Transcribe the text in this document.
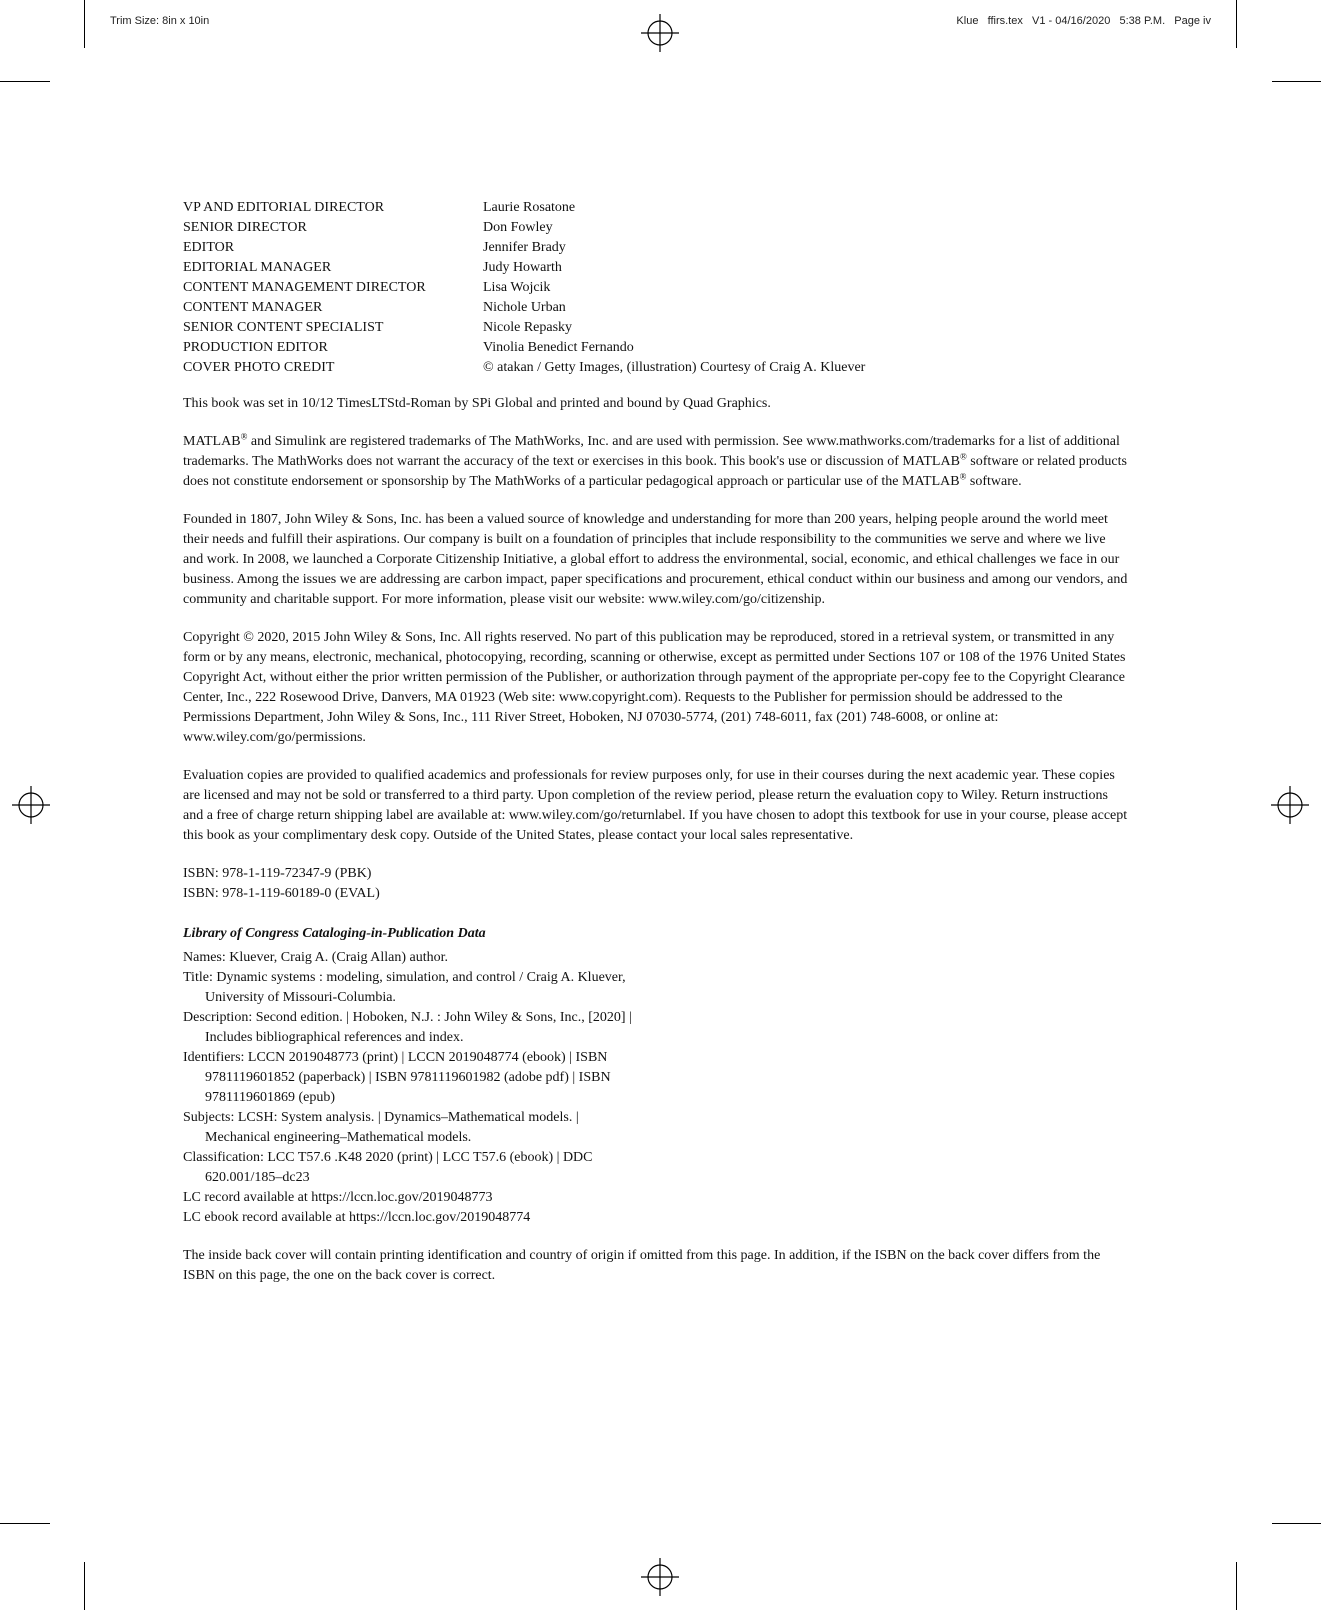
Trim Size: 8in x 10in	Klue   ffirs.tex   V1 - 04/16/2020   5:38 P.M.   Page iv
VP AND EDITORIAL DIRECTOR	Laurie Rosatone
SENIOR DIRECTOR	Don Fowley
EDITOR	Jennifer Brady
EDITORIAL MANAGER	Judy Howarth
CONTENT MANAGEMENT DIRECTOR	Lisa Wojcik
CONTENT MANAGER	Nichole Urban
SENIOR CONTENT SPECIALIST	Nicole Repasky
PRODUCTION EDITOR	Vinolia Benedict Fernando
COVER PHOTO CREDIT	© atakan / Getty Images, (illustration) Courtesy of Craig A. Kluever

This book was set in 10/12 TimesLTStd-Roman by SPi Global and printed and bound by Quad Graphics.

MATLAB® and Simulink are registered trademarks of The MathWorks, Inc. and are used with permission. See www.mathworks.com/trademarks for a list of additional trademarks. The MathWorks does not warrant the accuracy of the text or exercises in this book. This book's use or discussion of MATLAB® software or related products does not constitute endorsement or sponsorship by The MathWorks of a particular pedagogical approach or particular use of the MATLAB® software.

Founded in 1807, John Wiley & Sons, Inc. has been a valued source of knowledge and understanding for more than 200 years, helping people around the world meet their needs and fulfill their aspirations. Our company is built on a foundation of principles that include responsibility to the communities we serve and where we live and work. In 2008, we launched a Corporate Citizenship Initiative, a global effort to address the environmental, social, economic, and ethical challenges we face in our business. Among the issues we are addressing are carbon impact, paper specifications and procurement, ethical conduct within our business and among our vendors, and community and charitable support. For more information, please visit our website: www.wiley.com/go/citizenship.

Copyright © 2020, 2015 John Wiley & Sons, Inc. All rights reserved. No part of this publication may be reproduced, stored in a retrieval system, or transmitted in any form or by any means, electronic, mechanical, photocopying, recording, scanning or otherwise, except as permitted under Sections 107 or 108 of the 1976 United States Copyright Act, without either the prior written permission of the Publisher, or authorization through payment of the appropriate per-copy fee to the Copyright Clearance Center, Inc., 222 Rosewood Drive, Danvers, MA 01923 (Web site: www.copyright.com). Requests to the Publisher for permission should be addressed to the Permissions Department, John Wiley & Sons, Inc., 111 River Street, Hoboken, NJ 07030-5774, (201) 748-6011, fax (201) 748-6008, or online at: www.wiley.com/go/permissions.

Evaluation copies are provided to qualified academics and professionals for review purposes only, for use in their courses during the next academic year. These copies are licensed and may not be sold or transferred to a third party. Upon completion of the review period, please return the evaluation copy to Wiley. Return instructions and a free of charge return shipping label are available at: www.wiley.com/go/returnlabel. If you have chosen to adopt this textbook for use in your course, please accept this book as your complimentary desk copy. Outside of the United States, please contact your local sales representative.

ISBN: 978-1-119-72347-9 (PBK)
ISBN: 978-1-119-60189-0 (EVAL)
Library of Congress Cataloging-in-Publication Data
Names: Kluever, Craig A. (Craig Allan) author.
Title: Dynamic systems : modeling, simulation, and control / Craig A. Kluever, University of Missouri-Columbia.
Description: Second edition. | Hoboken, N.J. : John Wiley & Sons, Inc., [2020] | Includes bibliographical references and index.
Identifiers: LCCN 2019048773 (print) | LCCN 2019048774 (ebook) | ISBN 9781119601852 (paperback) | ISBN 9781119601982 (adobe pdf) | ISBN 9781119601869 (epub)
Subjects: LCSH: System analysis. | Dynamics–Mathematical models. | Mechanical engineering–Mathematical models.
Classification: LCC T57.6 .K48 2020 (print) | LCC T57.6 (ebook) | DDC 620.001/185–dc23
LC record available at https://lccn.loc.gov/2019048773
LC ebook record available at https://lccn.loc.gov/2019048774

The inside back cover will contain printing identification and country of origin if omitted from this page. In addition, if the ISBN on the back cover differs from the ISBN on this page, the one on the back cover is correct.
